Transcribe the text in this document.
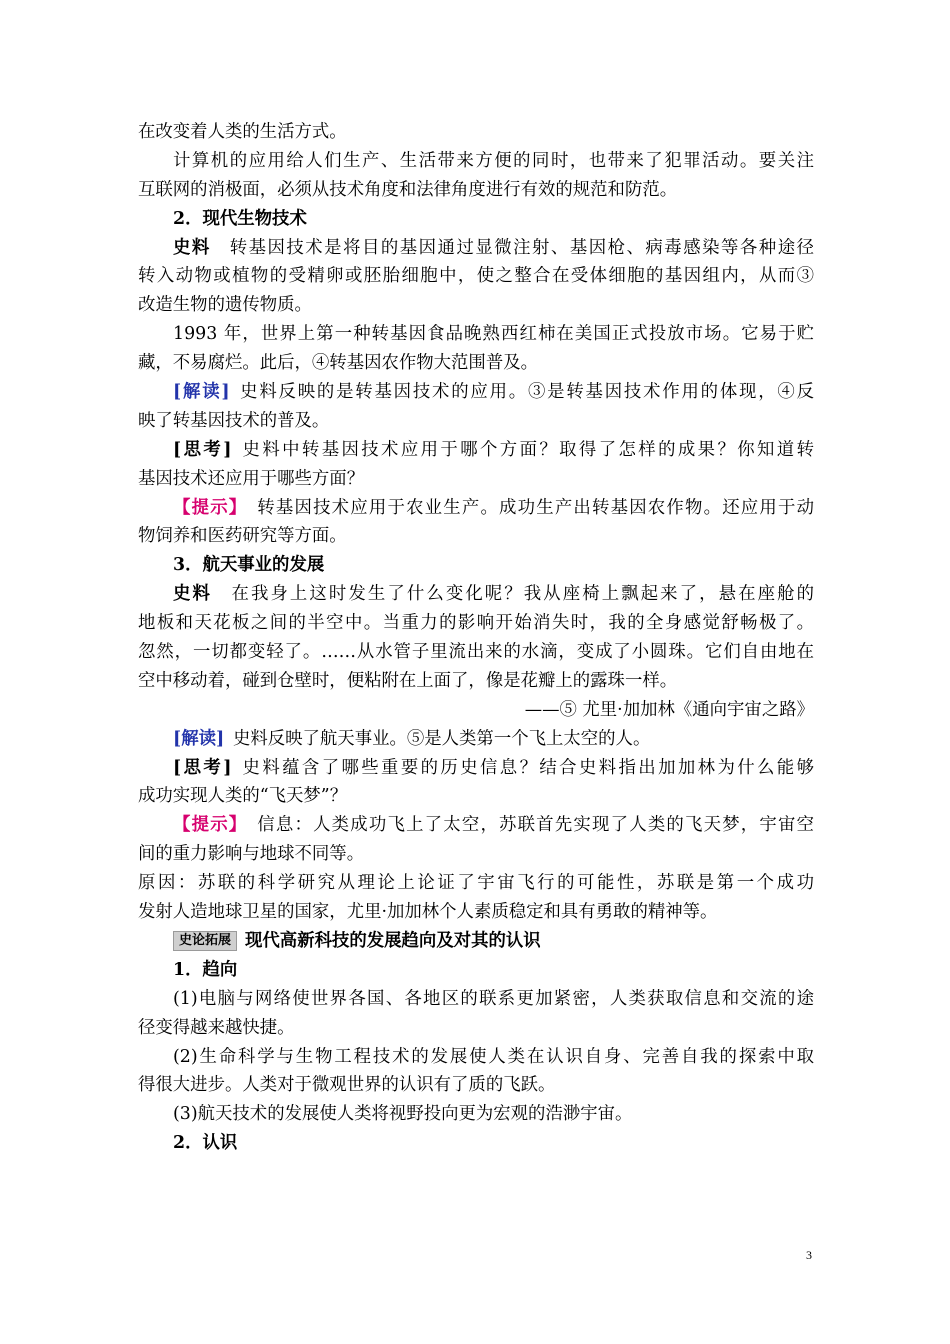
在改变着人类的生活方式。
计算机的应用给人们生产、生活带来方便的同时，也带来了犯罪活动。要关注
互联网的消极面，必须从技术角度和法律角度进行有效的规范和防范。
2．现代生物技术
史料  转基因技术是将目的基因通过显微注射、基因枪、病毒感染等各种途径
转入动物或植物的受精卵或胚胎细胞中，使之整合在受体细胞的基因组内，从而③
改造生物的遗传物质。
1993 年，世界上第一种转基因食品晚熟西红柿在美国正式投放市场。它易于贮
藏，不易腐烂。此后，④转基因农作物大范围普及。
[解读]  史料反映的是转基因技术的应用。③是转基因技术作用的体现，④反
映了转基因技术的普及。
[思考]  史料中转基因技术应用于哪个方面？取得了怎样的成果？你知道转
基因技术还应用于哪些方面？
【提示】  转基因技术应用于农业生产。成功生产出转基因农作物。还应用于动
物饲养和医药研究等方面。
3．航天事业的发展
史料  在我身上这时发生了什么变化呢？我从座椅上飘起来了，悬在座舱的
地板和天花板之间的半空中。当重力的影响开始消失时，我的全身感觉舒畅极了。
忽然，一切都变轻了。……从水管子里流出来的水滴，变成了小圆珠。它们自由地在
空中移动着，碰到仓壁时，便粘附在上面了，像是花瓣上的露珠一样。
——⑤ 尤里·加加林《通向宇宙之路》
[解读]  史料反映了航天事业。⑤是人类第一个飞上太空的人。
[思考]  史料蕴含了哪些重要的历史信息？结合史料指出加加林为什么能够
成功实现人类的“飞天梦”？
【提示】  信息：人类成功飞上了太空，苏联首先实现了人类的飞天梦，宇宙空
间的重力影响与地球不同等。
原因：苏联的科学研究从理论上论证了宇宙飞行的可能性，苏联是第一个成功
发射人造地球卫星的国家，尤里·加加林个人素质稳定和具有勇敢的精神等。
史论拓展 现代高新科技的发展趋向及对其的认识
1．趋向
(1)电脑与网络使世界各国、各地区的联系更加紧密，人类获取信息和交流的途
径变得越来越快捷。
(2)生命科学与生物工程技术的发展使人类在认识自身、完善自我的探索中取
得很大进步。人类对于微观世界的认识有了质的飞跃。
(3)航天技术的发展使人类将视野投向更为宏观的浩渺宇宙。
2．认识
3
